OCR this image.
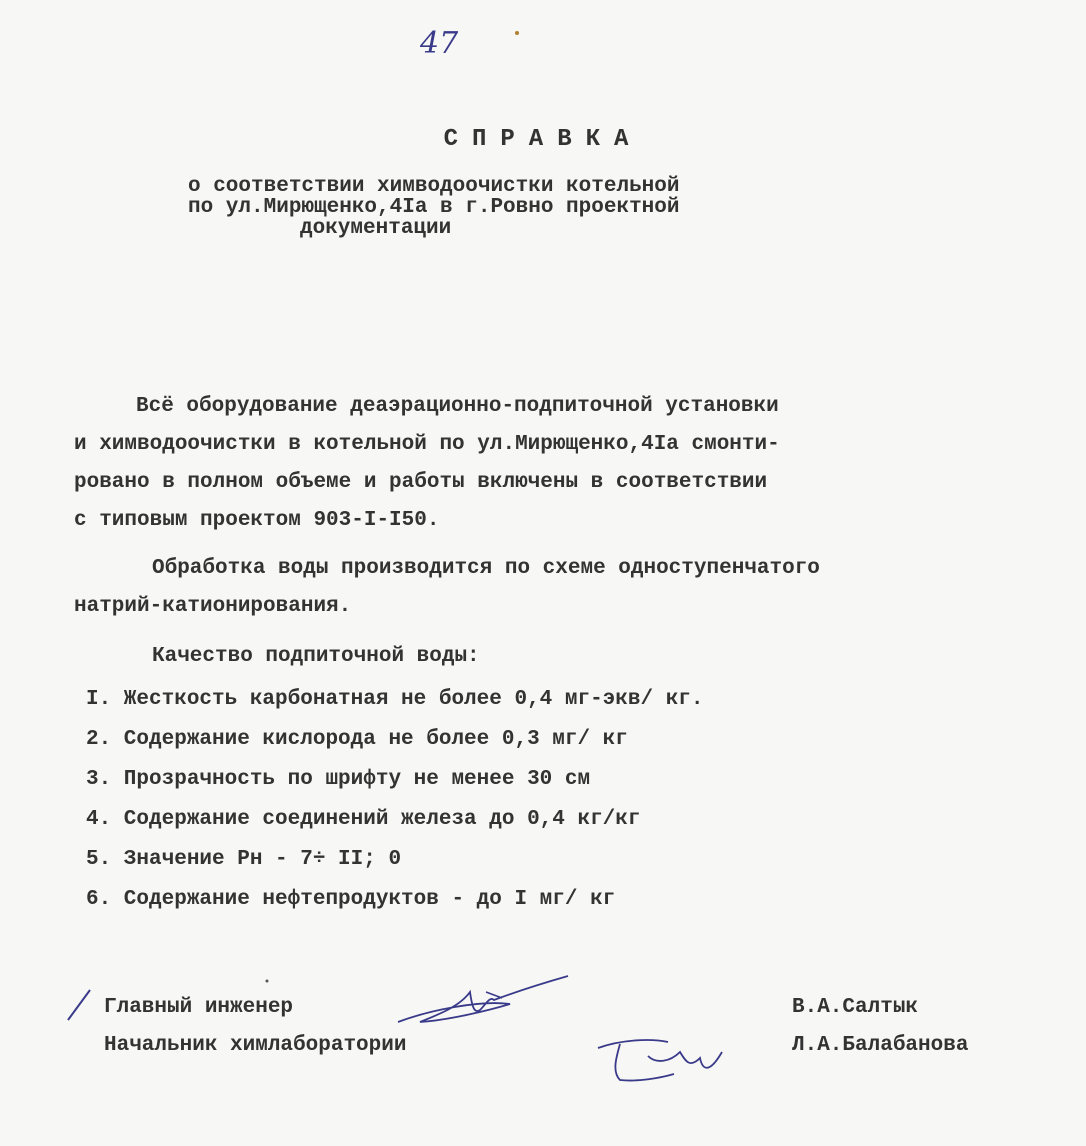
47
СПРАВКА
о соответствии химводоочистки котельной
по ул.Мирющенко,4Iа в г.Ровно проектной
документации
Всё оборудование деаэрационно-подпиточной установки
и химводоочистки в котельной по ул.Мирющенко,4Iа смонти-
ровано в полном объеме и работы включены в соответствии
с типовым проектом 903-I-I50.
Обработка воды производится по схеме одноступенчатого
натрий-катионирования.
Качество подпиточной воды:
I. Жесткость карбонатная не более 0,4 мг-экв/ кг.
2. Содержание кислорода не более 0,3 мг/ кг
3. Прозрачность по шрифту не менее 30 см
4. Содержание соединений железа до 0,4 кг/кг
5. Значение Рн - 7÷ II; 0
6. Содержание нефтепродуктов - до I мг/ кг
Главный инженер	В.А.Салтык
Начальник химлаборатории	Л.А.Балабанова
